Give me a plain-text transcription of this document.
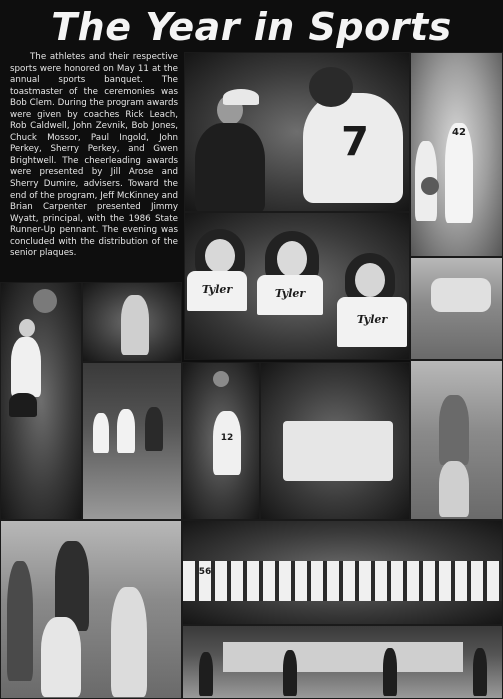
The Year in Sports

The athletes and their respective sports were honored on May 11 at the annual sports banquet. The toastmaster of the ceremonies was Bob Clem. During the program awards were given by coaches Rick Leach, Rob Caldwell, John Zevnik, Bob Jones, Chuck Mossor, Paul Ingold, John Perkey, Sherry Perkey, and Gwen Brightwell. The cheerleading awards were presented by Jill Arose and Sherry Dumire, advisers. Toward the end of the program, Jeff McKinney and Brian Carpenter presented Jimmy Wyatt, principal, with the 1986 State Runner-Up pennant. The evening was concluded with the distribution of the senior plaques.

7	42
Tyler	Tyler
Tyler
12
56
